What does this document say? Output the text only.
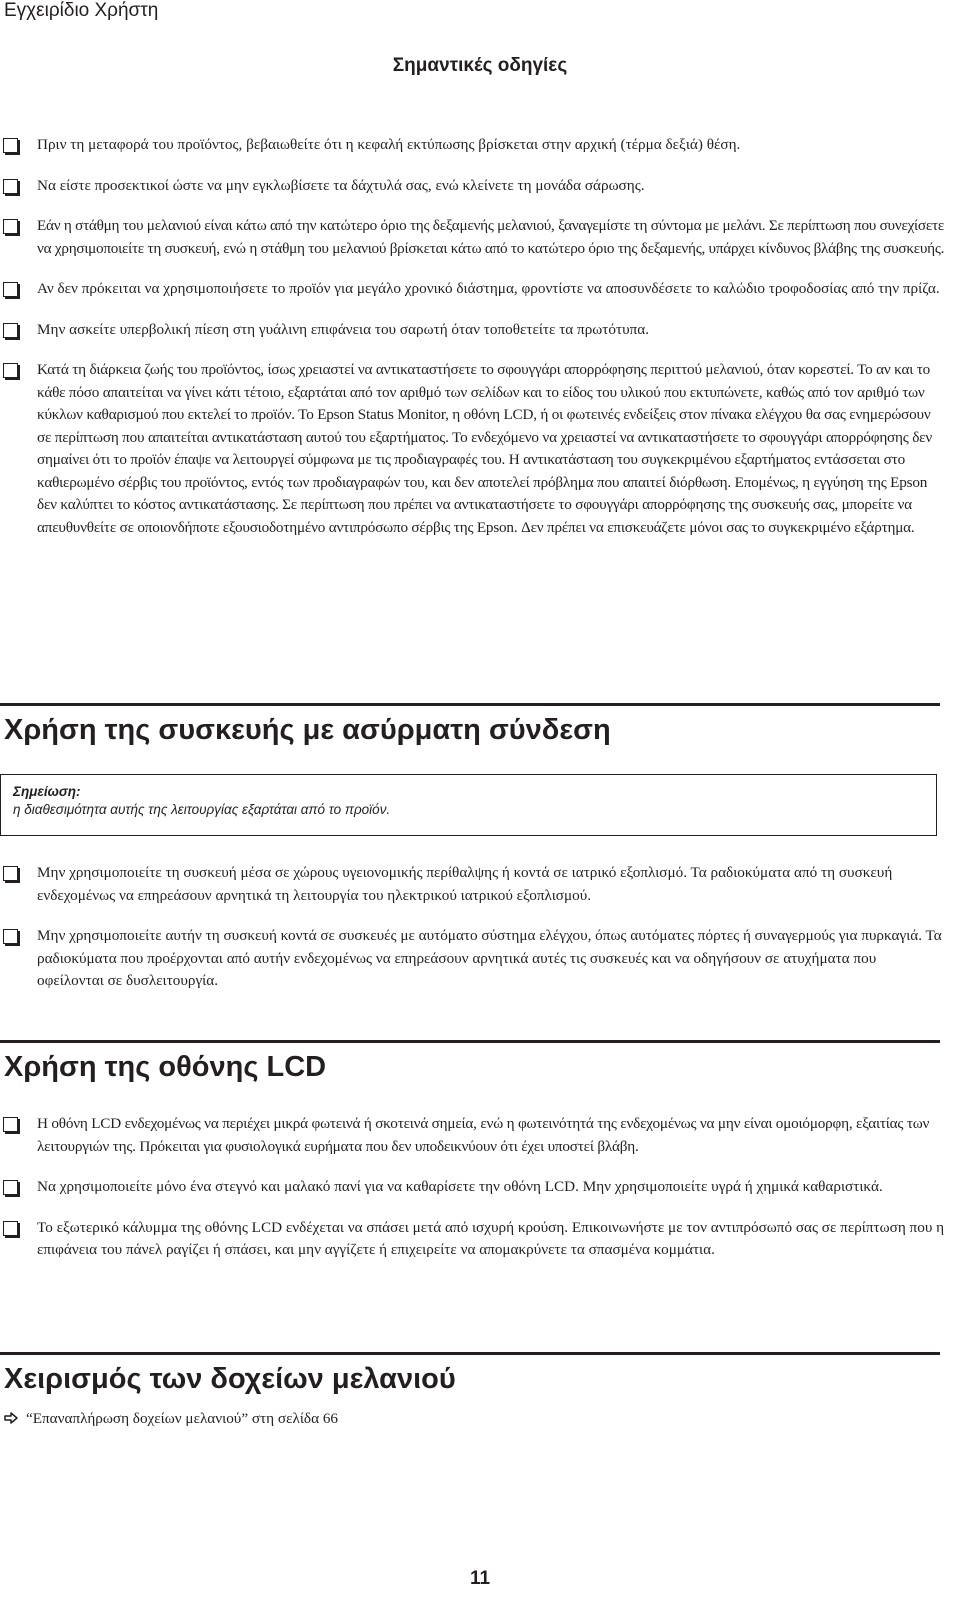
Εγχειρίδιο Χρήστη
Σημαντικές οδηγίες
Πριν τη μεταφορά του προϊόντος, βεβαιωθείτε ότι η κεφαλή εκτύπωσης βρίσκεται στην αρχική (τέρμα δεξιά) θέση.
Να είστε προσεκτικοί ώστε να μην εγκλωβίσετε τα δάχτυλά σας, ενώ κλείνετε τη μονάδα σάρωσης.
Εάν η στάθμη του μελανιού είναι κάτω από την κατώτερο όριο της δεξαμενής μελανιού, ξαναγεμίστε τη σύντομα με μελάνι. Σε περίπτωση που συνεχίσετε να χρησιμοποιείτε τη συσκευή, ενώ η στάθμη του μελανιού βρίσκεται κάτω από το κατώτερο όριο της δεξαμενής, υπάρχει κίνδυνος βλάβης της συσκευής.
Αν δεν πρόκειται να χρησιμοποιήσετε το προϊόν για μεγάλο χρονικό διάστημα, φροντίστε να αποσυνδέσετε το καλώδιο τροφοδοσίας από την πρίζα.
Μην ασκείτε υπερβολική πίεση στη γυάλινη επιφάνεια του σαρωτή όταν τοποθετείτε τα πρωτότυπα.
Κατά τη διάρκεια ζωής του προϊόντος, ίσως χρειαστεί να αντικαταστήσετε το σφουγγάρι απορρόφησης περιττού μελανιού, όταν κορεστεί. Το αν και το κάθε πόσο απαιτείται να γίνει κάτι τέτοιο, εξαρτάται από τον αριθμό των σελίδων και το είδος του υλικού που εκτυπώνετε, καθώς από τον αριθμό των κύκλων καθαρισμού που εκτελεί το προϊόν. Το Epson Status Monitor, η οθόνη LCD, ή οι φωτεινές ενδείξεις στον πίνακα ελέγχου θα σας ενημερώσουν σε περίπτωση που απαιτείται αντικατάσταση αυτού του εξαρτήματος. Το ενδεχόμενο να χρειαστεί να αντικαταστήσετε το σφουγγάρι απορρόφησης δεν σημαίνει ότι το προϊόν έπαψε να λειτουργεί σύμφωνα με τις προδιαγραφές του. Η αντικατάσταση του συγκεκριμένου εξαρτήματος εντάσσεται στο καθιερωμένο σέρβις του προϊόντος, εντός των προδιαγραφών του, και δεν αποτελεί πρόβλημα που απαιτεί διόρθωση. Επομένως, η εγγύηση της Epson δεν καλύπτει το κόστος αντικατάστασης. Σε περίπτωση που πρέπει να αντικαταστήσετε το σφουγγάρι απορρόφησης της συσκευής σας, μπορείτε να απευθυνθείτε σε οποιονδήποτε εξουσιοδοτημένο αντιπρόσωπο σέρβις της Epson. Δεν πρέπει να επισκευάζετε μόνοι σας το συγκεκριμένο εξάρτημα.
Χρήση της συσκευής με ασύρματη σύνδεση
Σημείωση:
η διαθεσιμότητα αυτής της λειτουργίας εξαρτάται από το προϊόν.
Μην χρησιμοποιείτε τη συσκευή μέσα σε χώρους υγειονομικής περίθαλψης ή κοντά σε ιατρικό εξοπλισμό. Τα ραδιοκύματα από τη συσκευή ενδεχομένως να επηρεάσουν αρνητικά τη λειτουργία του ηλεκτρικού ιατρικού εξοπλισμού.
Μην χρησιμοποιείτε αυτήν τη συσκευή κοντά σε συσκευές με αυτόματο σύστημα ελέγχου, όπως αυτόματες πόρτες ή συναγερμούς για πυρκαγιά. Τα ραδιοκύματα που προέρχονται από αυτήν ενδεχομένως να επηρεάσουν αρνητικά αυτές τις συσκευές και να οδηγήσουν σε ατυχήματα που οφείλονται σε δυσλειτουργία.
Χρήση της οθόνης LCD
Η οθόνη LCD ενδεχομένως να περιέχει μικρά φωτεινά ή σκοτεινά σημεία, ενώ η φωτεινότητά της ενδεχομένως να μην είναι ομοιόμορφη, εξαιτίας των λειτουργιών της. Πρόκειται για φυσιολογικά ευρήματα που δεν υποδεικνύουν ότι έχει υποστεί βλάβη.
Να χρησιμοποιείτε μόνο ένα στεγνό και μαλακό πανί για να καθαρίσετε την οθόνη LCD. Μην χρησιμοποιείτε υγρά ή χημικά καθαριστικά.
Το εξωτερικό κάλυμμα της οθόνης LCD ενδέχεται να σπάσει μετά από ισχυρή κρούση. Επικοινωνήστε με τον αντιπρόσωπό σας σε περίπτωση που η επιφάνεια του πάνελ ραγίζει ή σπάσει, και μην αγγίζετε ή επιχειρείτε να απομακρύνετε τα σπασμένα κομμάτια.
Χειρισμός των δοχείων μελανιού
“Επαναπλήρωση δοχείων μελανιού” στη σελίδα 66
11
